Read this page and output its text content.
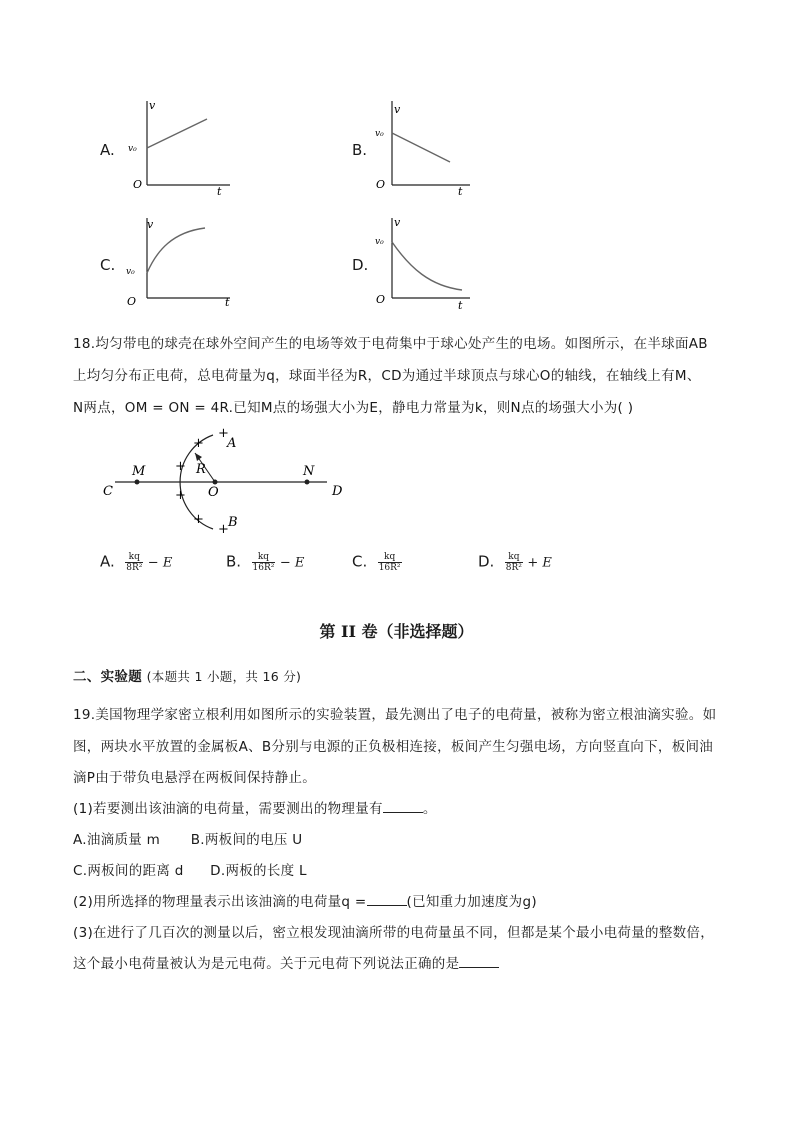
A.
v
v₀
O
t
B.
v
v₀
O
t
C.
v
v₀
O	t
D.
v
v₀
O	t
18.均匀带电的球壳在球外空间产生的电场等效于电荷集中于球心处产生的电场。如图所示，在半球面AB
上均匀分布正电荷，总电荷量为q，球面半径为R，CD为通过半球顶点与球心O的轴线，在轴线上有M、
N两点，OM = ON = 4R.已知M点的场强大小为E，静电力常量为k，则N点的场强大小为( )
C	D
M	N
O
R
A
B
+
+
+
+
+
+
A. $\frac{kq}{\text{8R²}} - E$	B. $\frac{kq}{\text{16R²}} - E$	C. $\frac{kq}{\text{16R²}}$	D. $\frac{kq}{\text{8R²}} + E$
第 II 卷（非选择题）
二、实验题 (本题共 1 小题，共 16 分)
19.美国物理学家密立根利用如图所示的实验装置，最先测出了电子的电荷量，被称为密立根油滴实验。如
图，两块水平放置的金属板A、B分别与电源的正负极相连接，板间产生匀强电场，方向竖直向下，板间油
滴P由于带负电悬浮在两板间保持静止。
(1)若要测出该油滴的电荷量，需要测出的物理量有	。
A.油滴质量 m B.两板间的电压 U
C.两板间的距离 d D.两板的长度 L
(2)用所选择的物理量表示出该油滴的电荷量q =	(已知重力加速度为g)
(3)在进行了几百次的测量以后，密立根发现油滴所带的电荷量虽不同，但都是某个最小电荷量的整数倍，
这个最小电荷量被认为是元电荷。关于元电荷下列说法正确的是
